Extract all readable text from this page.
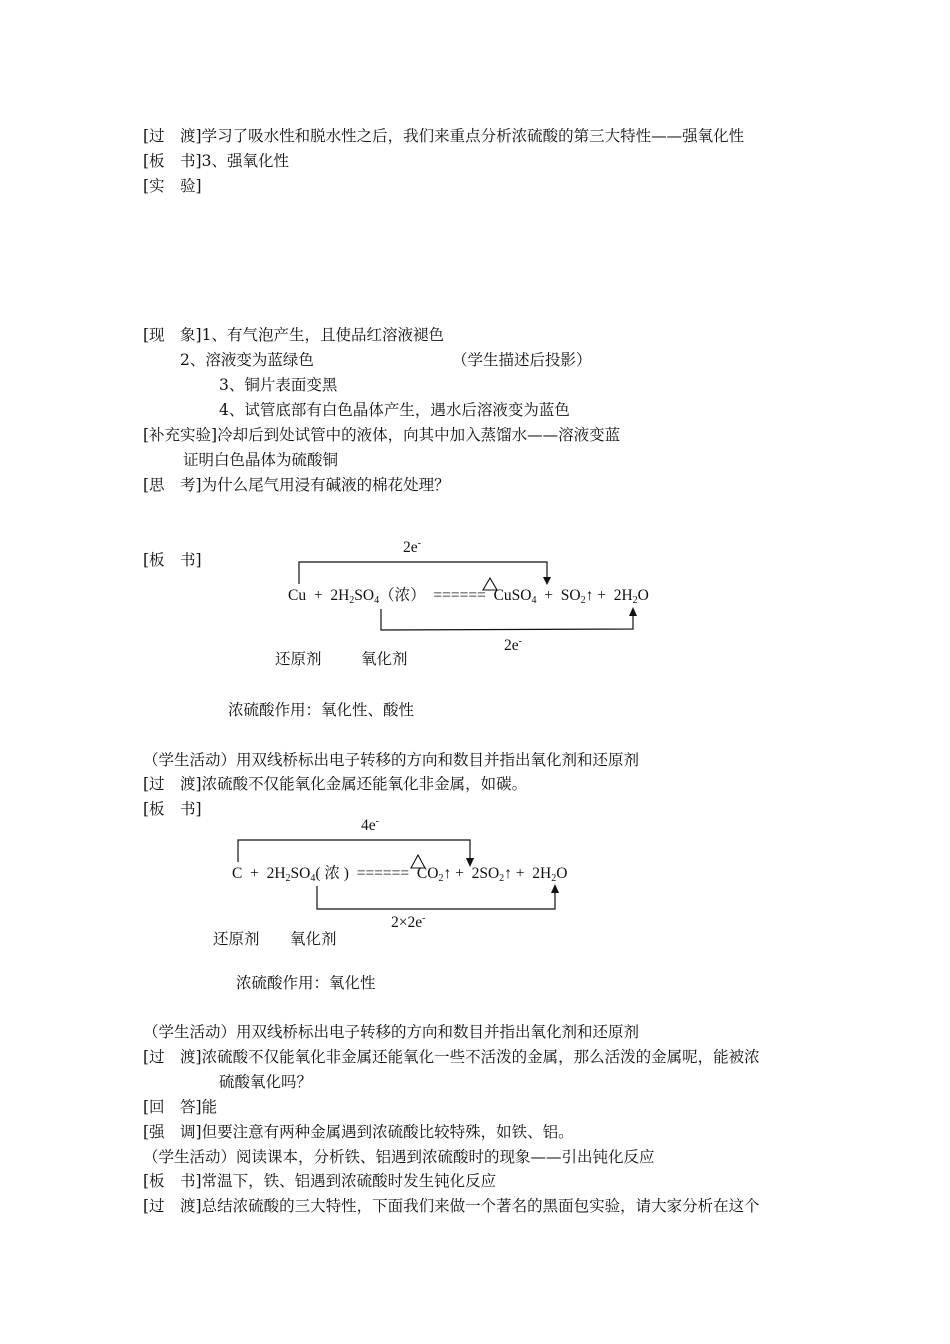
[过　渡]学习了吸水性和脱水性之后，我们来重点分析浓硫酸的第三大特性——强氧化性
[板　书]3、强氧化性
[实　验]
[现　象]1、有气泡产生，且使品红溶液褪色
2、溶液变为蓝绿色	（学生描述后投影）
3、铜片表面变黑
4、试管底部有白色晶体产生，遇水后溶液变为蓝色
[补充实验]冷却后到处试管中的液体，向其中加入蒸馏水——溶液变蓝
证明白色晶体为硫酸铜
[思　考]为什么尾气用浸有碱液的棉花处理？
[板　书]
2e-
$Cu + 2H_2SO_4$（浓） ====== CuSO$_4$ + $SO_2↑ + 2H_2O$
2e-
还原剂	氧化剂
浓硫酸作用：氧化性、酸性
（学生活动）用双线桥标出电子转移的方向和数目并指出氧化剂和还原剂
[过　渡]浓硫酸不仅能氧化金属还能氧化非金属，如碳。
[板　书]
4e-
$C + 2H_2SO_4$( 浓 ) ====== $CO_2↑$ + $2SO_2↑ + 2H_2O$
2×2e-
还原剂 氧化剂
浓硫酸作用：氧化性
（学生活动）用双线桥标出电子转移的方向和数目并指出氧化剂和还原剂
[过　渡]浓硫酸不仅能氧化非金属还能氧化一些不活泼的金属，那么活泼的金属呢，能被浓
硫酸氧化吗？
[回　答]能
[强　调]但要注意有两种金属遇到浓硫酸比较特殊，如铁、铝。
（学生活动）阅读课本，分析铁、铝遇到浓硫酸时的现象——引出钝化反应
[板　书]常温下，铁、铝遇到浓硫酸时发生钝化反应
[过　渡]总结浓硫酸的三大特性，下面我们来做一个著名的黑面包实验，请大家分析在这个
